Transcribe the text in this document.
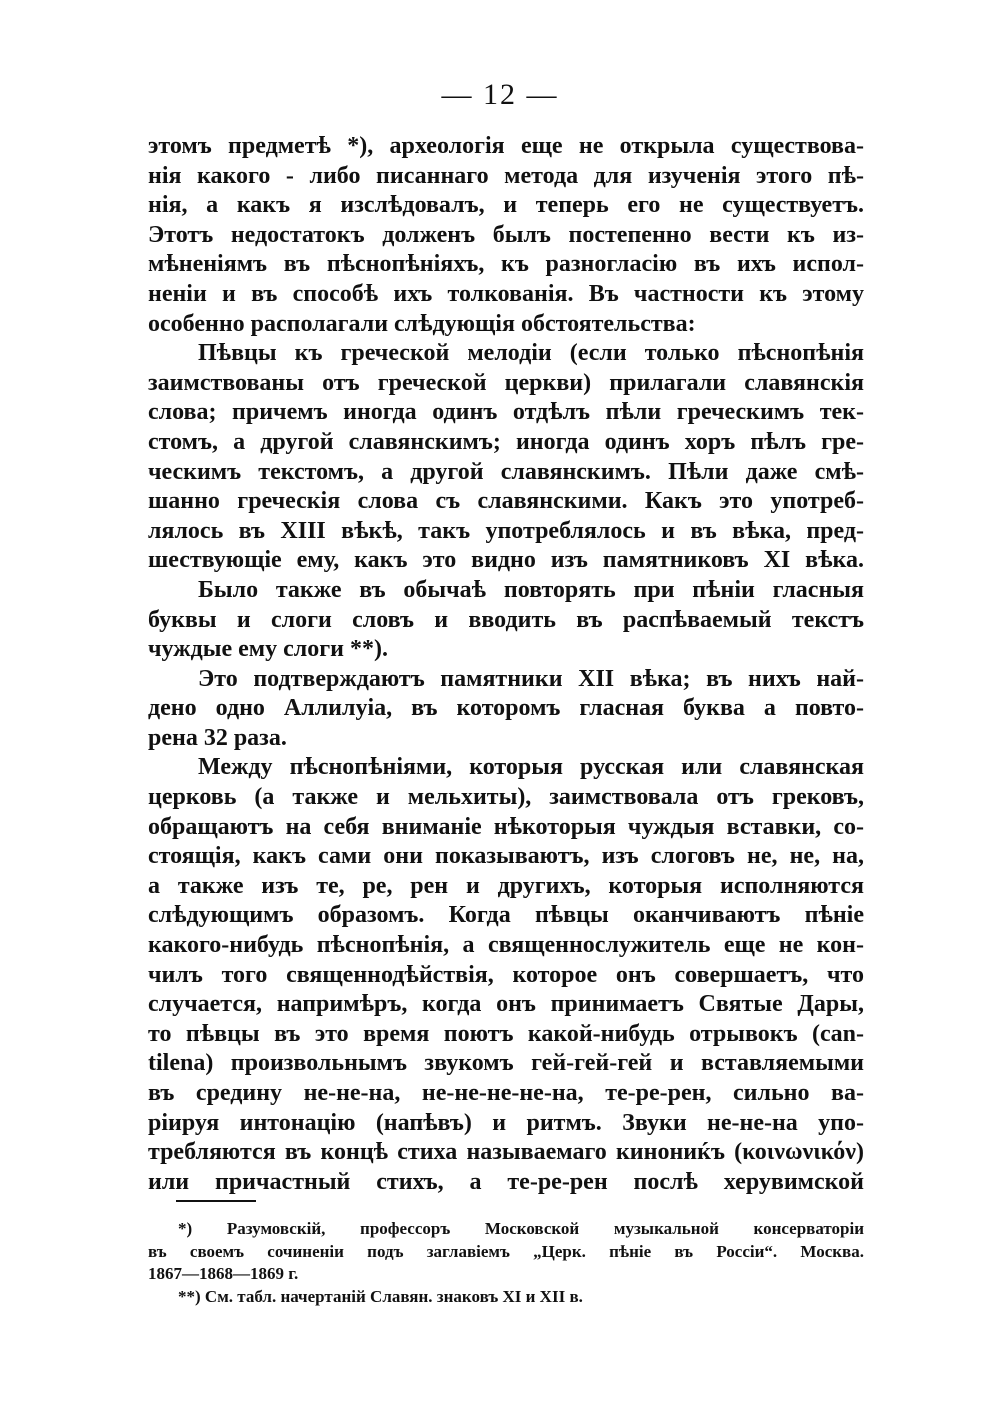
— 12 —
этомъ предметѣ *), археологія еще не открыла существова-
нія какого - либо писаннаго метода для изученія этого пѣ-
нія, а какъ я изслѣдовалъ, и теперь его не существуетъ.
Этотъ недостатокъ долженъ былъ постепенно вести къ из-
мѣненіямъ въ пѣснопѣніяхъ, къ разногласію въ ихъ испол-
неніи и въ способѣ ихъ толкованія. Въ частности къ этому
особенно располагали слѣдующія обстоятельства:
Пѣвцы къ греческой мелодіи (если только пѣснопѣнія
заимствованы отъ греческой церкви) прилагали славянскія
слова; причемъ иногда одинъ отдѣлъ пѣли греческимъ тек-
стомъ, а другой славянскимъ; иногда одинъ хоръ пѣлъ гре-
ческимъ текстомъ, а другой славянскимъ. Пѣли даже смѣ-
шанно греческія слова съ славянскими. Какъ это употреб-
лялось въ XIII вѣкѣ, такъ употреблялось и въ вѣка, пред-
шествующіе ему, какъ это видно изъ памятниковъ XI вѣка.
Было также въ обычаѣ повторять при пѣніи гласныя
буквы и слоги словъ и вводить въ распѣваемый текстъ
чуждые ему слоги **).
Это подтверждаютъ памятники XII вѣка; въ нихъ най-
дено одно Аллилуіа, въ которомъ гласная буква а повто-
рена 32 раза.
Между пѣснопѣніями, которыя русская или славянская
церковь (а также и мельхиты), заимствовала отъ грековъ,
обращаютъ на себя вниманіе нѣкоторыя чуждыя вставки, со-
стоящія, какъ сами они показываютъ, изъ слоговъ не, не, на,
а также изъ те, ре, рен и другихъ, которыя исполняются
слѣдующимъ образомъ. Когда пѣвцы оканчиваютъ пѣніе
какого-нибудь пѣснопѣнія, а священнослужитель еще не кон-
чилъ того священнодѣйствія, которое онъ совершаетъ, что
случается, напримѣръ, когда онъ принимаетъ Святые Дары,
то пѣвцы въ это время поютъ какой-нибудь отрывокъ (can-
tilena) произвольнымъ звукомъ гей-гей-гей и вставляемыми
въ средину не-не-на, не-не-не-не-на, те-ре-рен, сильно ва-
ріируя интонацію (напѣвъ) и ритмъ. Звуки не-не-на упо-
требляются въ концѣ стиха называемаго кинониќъ (κοινωνικόν)
или причастный стихъ, а те-ре-рен послѣ херувимской
*) Разумовскій, профессоръ Московской музыкальной консерваторіи
въ своемъ сочиненіи подъ заглавіемъ „Церк. пѣніе въ Россіи“. Москва.
1867—1868—1869 г.
**) См. табл. начертаній Славян. знаковъ XI и XII в.
